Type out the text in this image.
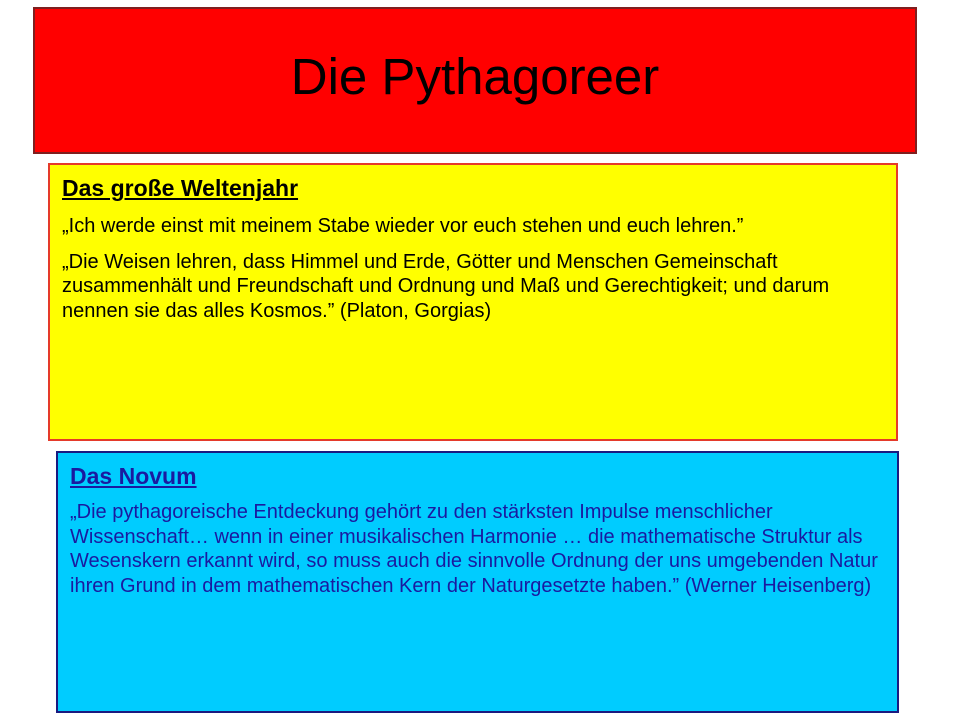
Die Pythagoreer
Das große Weltenjahr

„Ich werde einst mit meinem Stabe wieder vor euch stehen und euch lehren.”

„Die Weisen lehren, dass Himmel und Erde, Götter und Menschen Gemeinschaft zusammenhält und Freundschaft und Ordnung und Maß und Gerechtigkeit; und darum nennen sie das alles Kosmos.” (Platon, Gorgias)

Das Novum

„Die pythagoreische Entdeckung gehört zu den stärksten Impulse menschlicher Wissenschaft… wenn in einer musikalischen Harmonie … die mathematische Struktur als Wesenskern erkannt wird, so muss auch die sinnvolle Ordnung der uns umgebenden Natur ihren Grund in dem mathematischen Kern der Naturgesetzte haben.” (Werner Heisenberg)
